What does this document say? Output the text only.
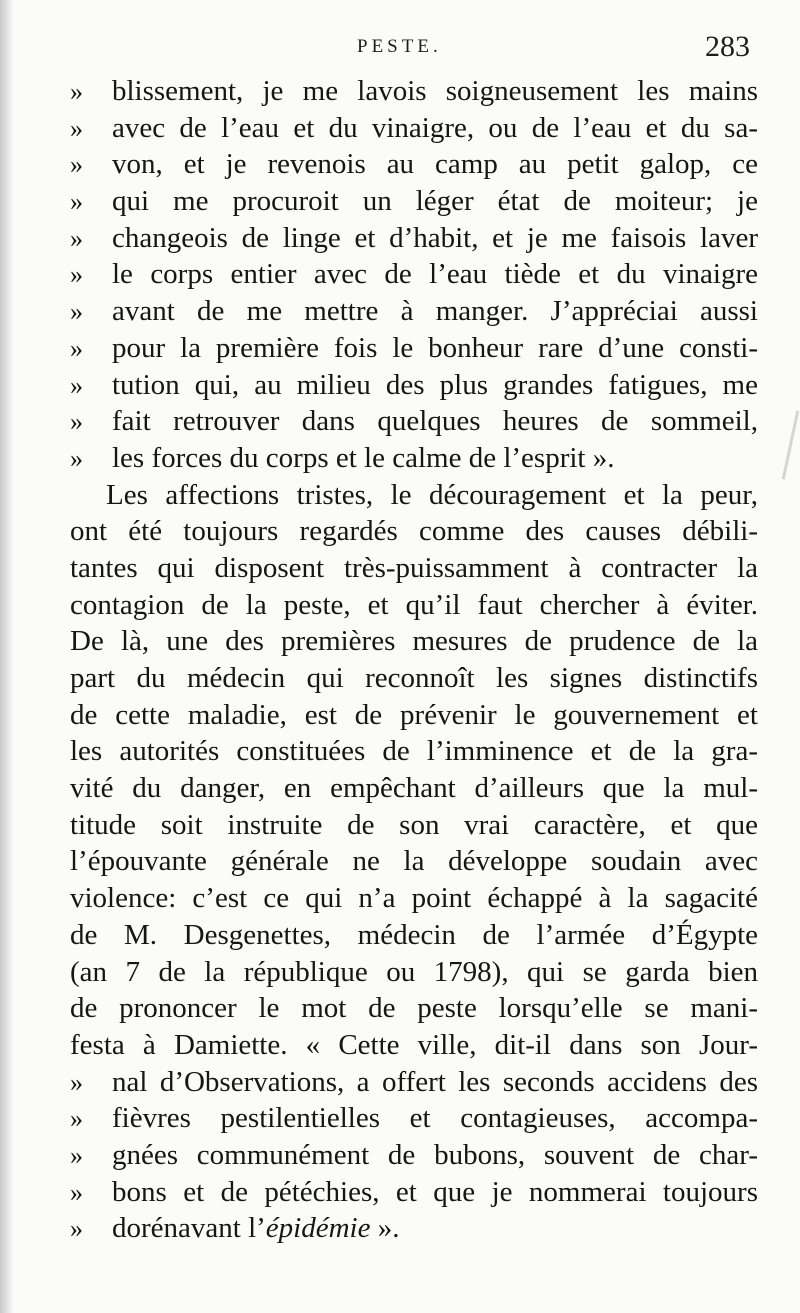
PESTE.	283
» blissement, je me lavois soigneusement les mains
» avec de l’eau et du vinaigre, ou de l’eau et du sa-
» von, et je revenois au camp au petit galop, ce
» qui me procuroit un léger état de moiteur; je
» changeois de linge et d’habit, et je me faisois laver
» le corps entier avec de l’eau tiède et du vinaigre
» avant de me mettre à manger. J’appréciai aussi
» pour la première fois le bonheur rare d’une consti-
» tution qui, au milieu des plus grandes fatigues, me
» fait retrouver dans quelques heures de sommeil,
» les forces du corps et le calme de l’esprit ».
Les affections tristes, le découragement et la peur,
ont été toujours regardés comme des causes débili-
tantes qui disposent très-puissamment à contracter la
contagion de la peste, et qu’il faut chercher à éviter.
De là, une des premières mesures de prudence de la
part du médecin qui reconnoît les signes distinctifs
de cette maladie, est de prévenir le gouvernement et
les autorités constituées de l’imminence et de la gra-
vité du danger, en empêchant d’ailleurs que la mul-
titude soit instruite de son vrai caractère, et que
l’épouvante générale ne la développe soudain avec
violence: c’est ce qui n’a point échappé à la sagacité
de M. Desgenettes, médecin de l’armée d’Égypte
(an 7 de la république ou 1798), qui se garda bien
de prononcer le mot de peste lorsqu’elle se mani-
festa à Damiette. « Cette ville, dit-il dans son Jour-
» nal d’Observations, a offert les seconds accidens des
» fièvres pestilentielles et contagieuses, accompa-
» gnées communément de bubons, souvent de char-
» bons et de pétéchies, et que je nommerai toujours
» dorénavant l’épidémie ».
